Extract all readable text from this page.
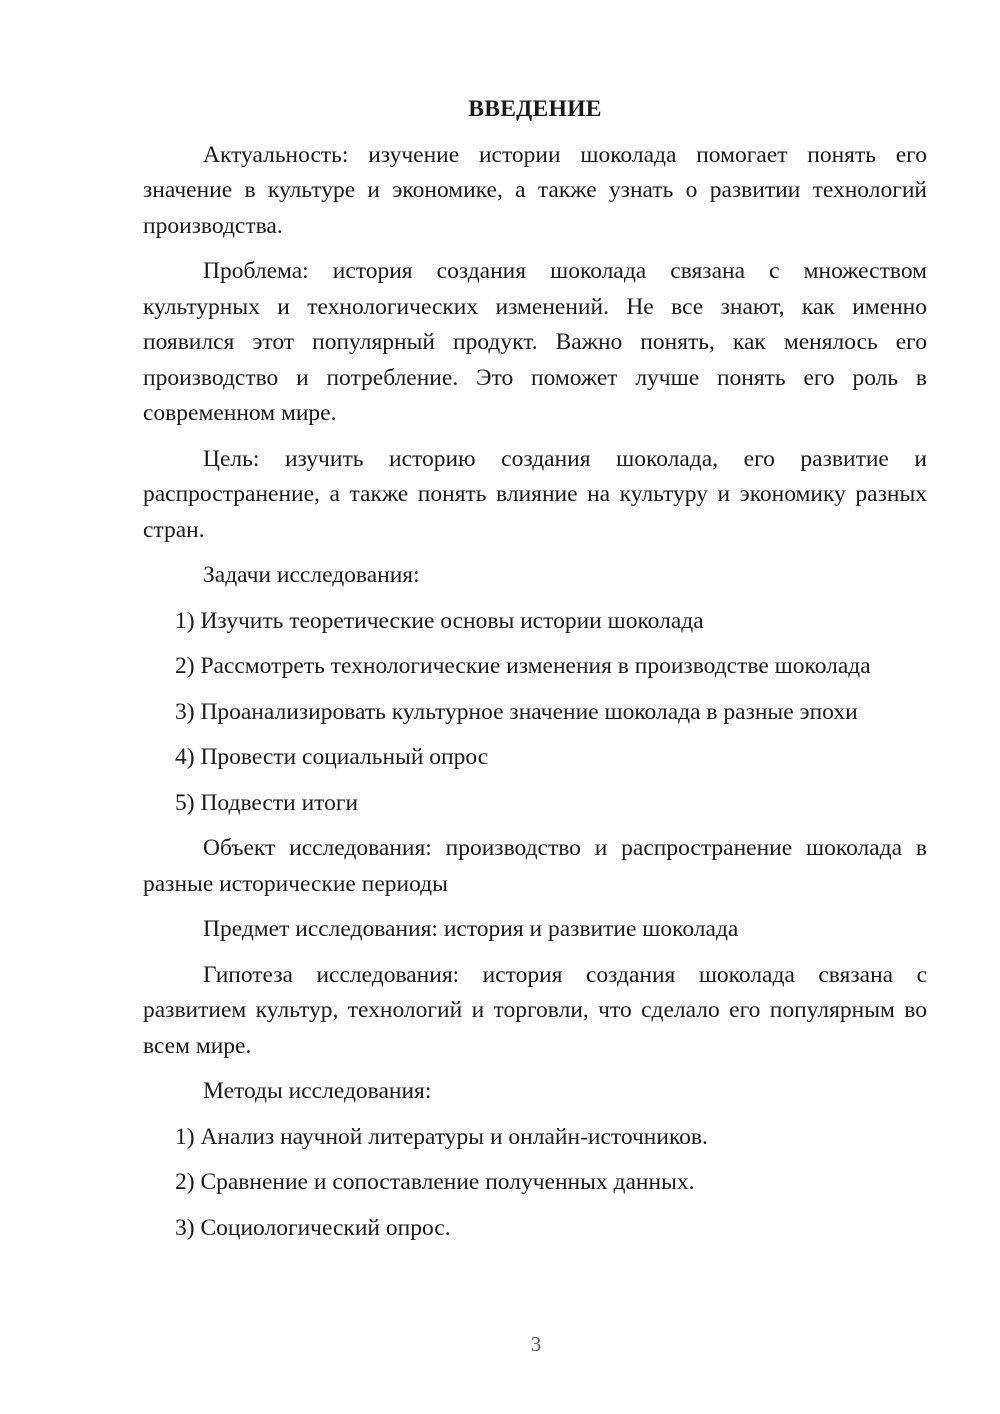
ВВЕДЕНИЕ

Актуальность: изучение истории шоколада помогает понять его значение в культуре и экономике, а также узнать о развитии технологий производства.

Проблема: история создания шоколада связана с множеством культурных и технологических изменений. Не все знают, как именно появился этот популярный продукт. Важно понять, как менялось его производство и потребление. Это поможет лучше понять его роль в современном мире.

Цель: изучить историю создания шоколада, его развитие и распространение, а также понять влияние на культуру и экономику разных стран.

Задачи исследования:
1) Изучить теоретические основы истории шоколада
2) Рассмотреть технологические изменения в производстве шоколада
3) Проанализировать культурное значение шоколада в разные эпохи
4) Провести социальный опрос
5) Подвести итоги

Объект исследования: производство и распространение шоколада в разные исторические периоды

Предмет исследования: история и развитие шоколада

Гипотеза исследования: история создания шоколада связана с развитием культур, технологий и торговли, что сделало его популярным во всем мире.

Методы исследования:
1) Анализ научной литературы и онлайн-источников.
2) Сравнение и сопоставление полученных данных.
3) Социологический опрос.
3
